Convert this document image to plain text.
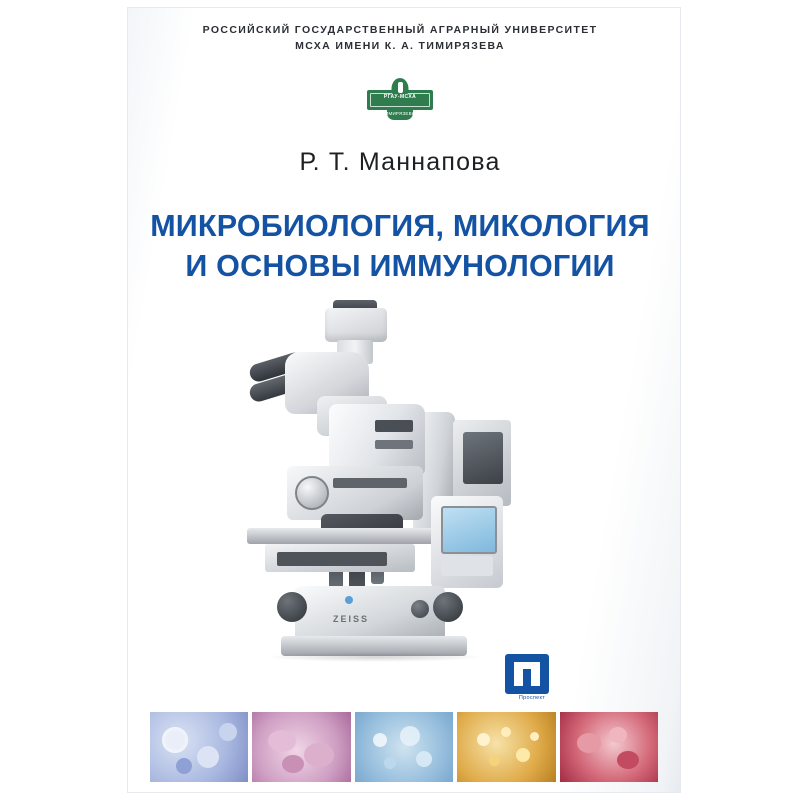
РОССИЙСКИЙ ГОСУДАРСТВЕННЫЙ АГРАРНЫЙ УНИВЕРСИТЕТ
МСХА ИМЕНИ К. А. ТИМИРЯЗЕВА
РГАУ-МСХА
ТИМИРЯЗЕВКА
Р. Т. Маннапова
МИКРОБИОЛОГИЯ, МИКОЛОГИЯ
И ОСНОВЫ ИММУНОЛОГИИ
ZEISS
Проспект
